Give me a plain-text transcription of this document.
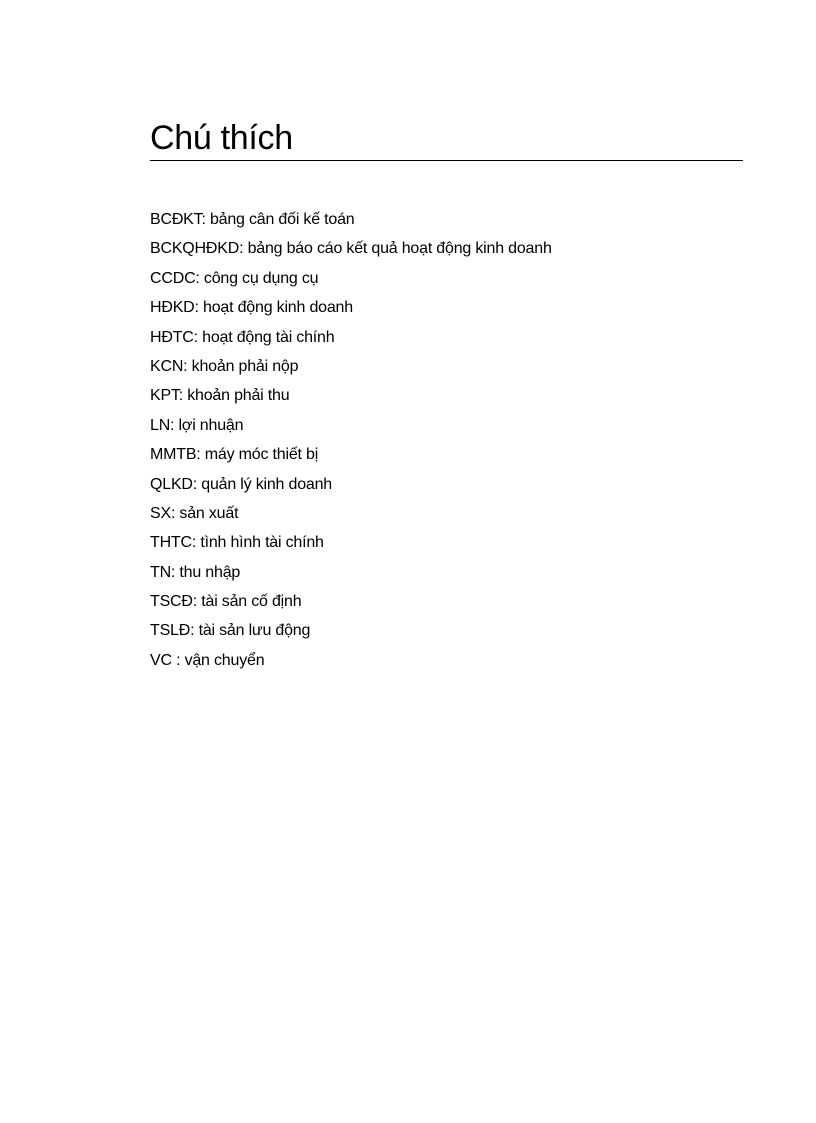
Chú thích
BCĐKT: bảng cân đối kế toán
BCKQHĐKD: bảng báo cáo kết quả hoạt động kinh doanh
CCDC: công cụ dụng cụ
HĐKD: hoạt động kinh doanh
HĐTC: hoạt động tài chính
KCN: khoản phải nộp
KPT: khoản phải thu
LN: lợi nhuận
MMTB: máy móc thiết bị
QLKD: quản lý kinh doanh
SX: sản xuất
THTC: tình hình tài chính
TN: thu nhập
TSCĐ: tài sản cố định
TSLĐ: tài sản lưu động
VC : vận chuyển
